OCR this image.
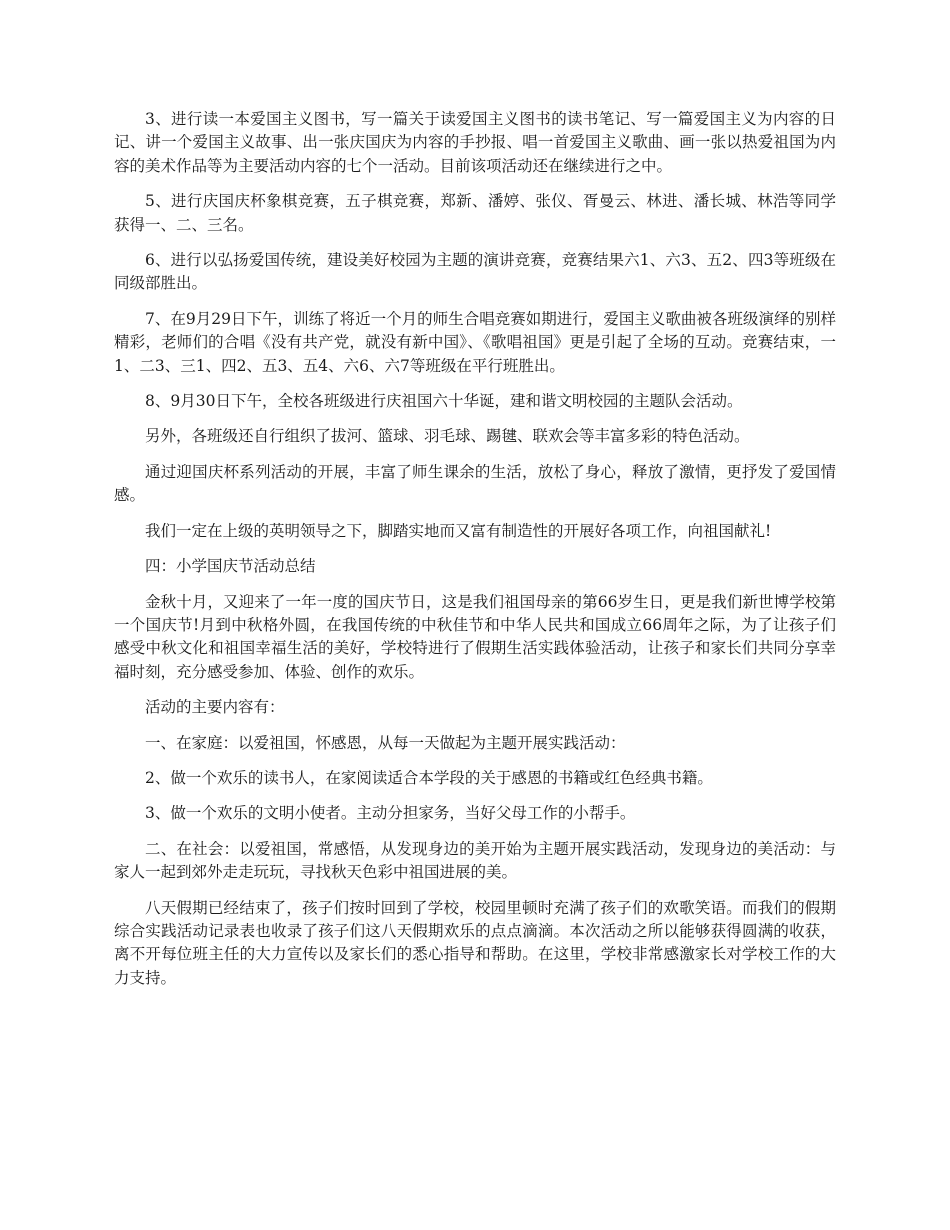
3、进行读一本爱国主义图书，写一篇关于读爱国主义图书的读书笔记、写一篇爱国主义为内容的日记、讲一个爱国主义故事、出一张庆国庆为内容的手抄报、唱一首爱国主义歌曲、画一张以热爱祖国为内容的美术作品等为主要活动内容的七个一活动。目前该项活动还在继续进行之中。

5、进行庆国庆杯象棋竞赛，五子棋竞赛，郑新、潘婷、张仪、胥曼云、林进、潘长城、林浩等同学获得一、二、三名。

6、进行以弘扬爱国传统，建设美好校园为主题的演讲竞赛，竞赛结果六1、六3、五2、四3等班级在同级部胜出。

7、在9月29日下午，训练了将近一个月的师生合唱竞赛如期进行，爱国主义歌曲被各班级演绎的别样精彩，老师们的合唱《没有共产党，就没有新中国》、《歌唱祖国》更是引起了全场的互动。竞赛结束，一1、二3、三1、四2、五3、五4、六6、六7等班级在平行班胜出。

8、9月30日下午，全校各班级进行庆祖国六十华诞，建和谐文明校园的主题队会活动。

另外，各班级还自行组织了拔河、篮球、羽毛球、踢毽、联欢会等丰富多彩的特色活动。

通过迎国庆杯系列活动的开展，丰富了师生课余的生活，放松了身心，释放了激情，更抒发了爱国情感。

我们一定在上级的英明领导之下，脚踏实地而又富有制造性的开展好各项工作，向祖国献礼!

四：小学国庆节活动总结

金秋十月，又迎来了一年一度的国庆节日，这是我们祖国母亲的第66岁生日，更是我们新世博学校第一个国庆节!月到中秋格外圆，在我国传统的中秋佳节和中华人民共和国成立66周年之际，为了让孩子们感受中秋文化和祖国幸福生活的美好，学校特进行了假期生活实践体验活动，让孩子和家长们共同分享幸福时刻，充分感受参加、体验、创作的欢乐。

活动的主要内容有：

一、在家庭：以爱祖国，怀感恩，从每一天做起为主题开展实践活动：

2、做一个欢乐的读书人，在家阅读适合本学段的关于感恩的书籍或红色经典书籍。

3、做一个欢乐的文明小使者。主动分担家务，当好父母工作的小帮手。

二、在社会：以爱祖国，常感悟，从发现身边的美开始为主题开展实践活动，发现身边的美活动：与家人一起到郊外走走玩玩，寻找秋天色彩中祖国进展的美。

八天假期已经结束了，孩子们按时回到了学校，校园里顿时充满了孩子们的欢歌笑语。而我们的假期综合实践活动记录表也收录了孩子们这八天假期欢乐的点点滴滴。本次活动之所以能够获得圆满的收获，离不开每位班主任的大力宣传以及家长们的悉心指导和帮助。在这里，学校非常感激家长对学校工作的大力支持。
